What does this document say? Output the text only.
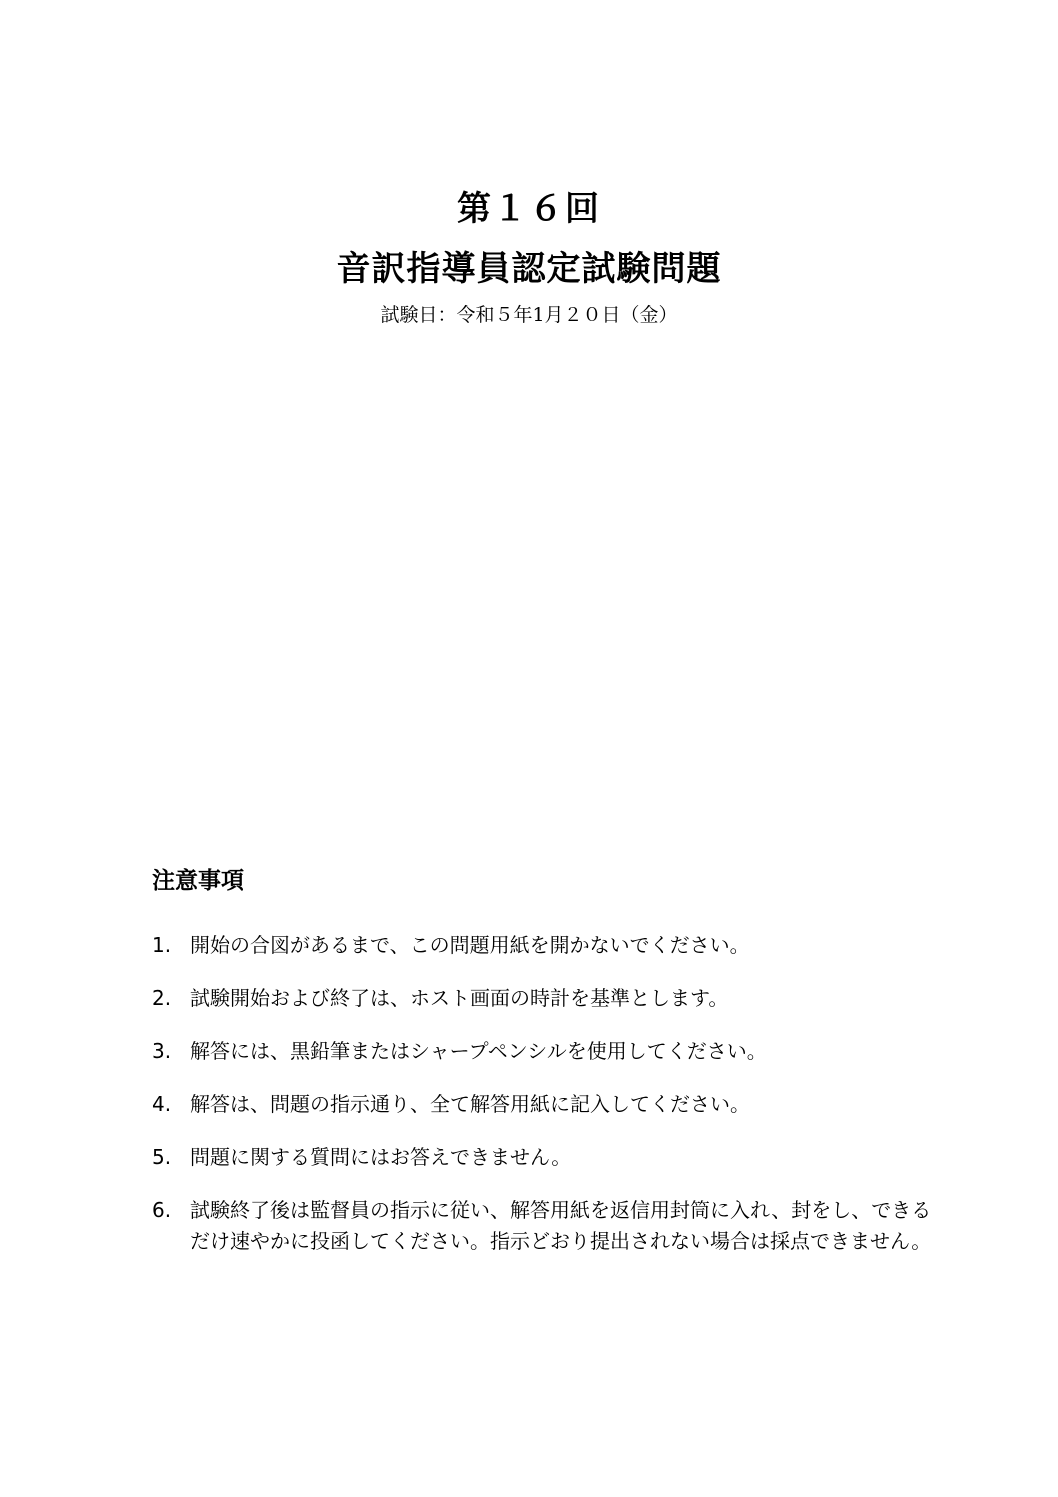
第１６回
音訳指導員認定試験問題
試験日：令和５年1月２０日（金）
注意事項
1. 開始の合図があるまで、この問題用紙を開かないでください。
2. 試験開始および終了は、ホスト画面の時計を基準とします。
3. 解答には、黒鉛筆またはシャープペンシルを使用してください。
4. 解答は、問題の指示通り、全て解答用紙に記入してください。
5. 問題に関する質問にはお答えできません。
6. 試験終了後は監督員の指示に従い、解答用紙を返信用封筒に入れ、封をし、できるだけ速やかに投函してください。指示どおり提出されない場合は採点できません。
